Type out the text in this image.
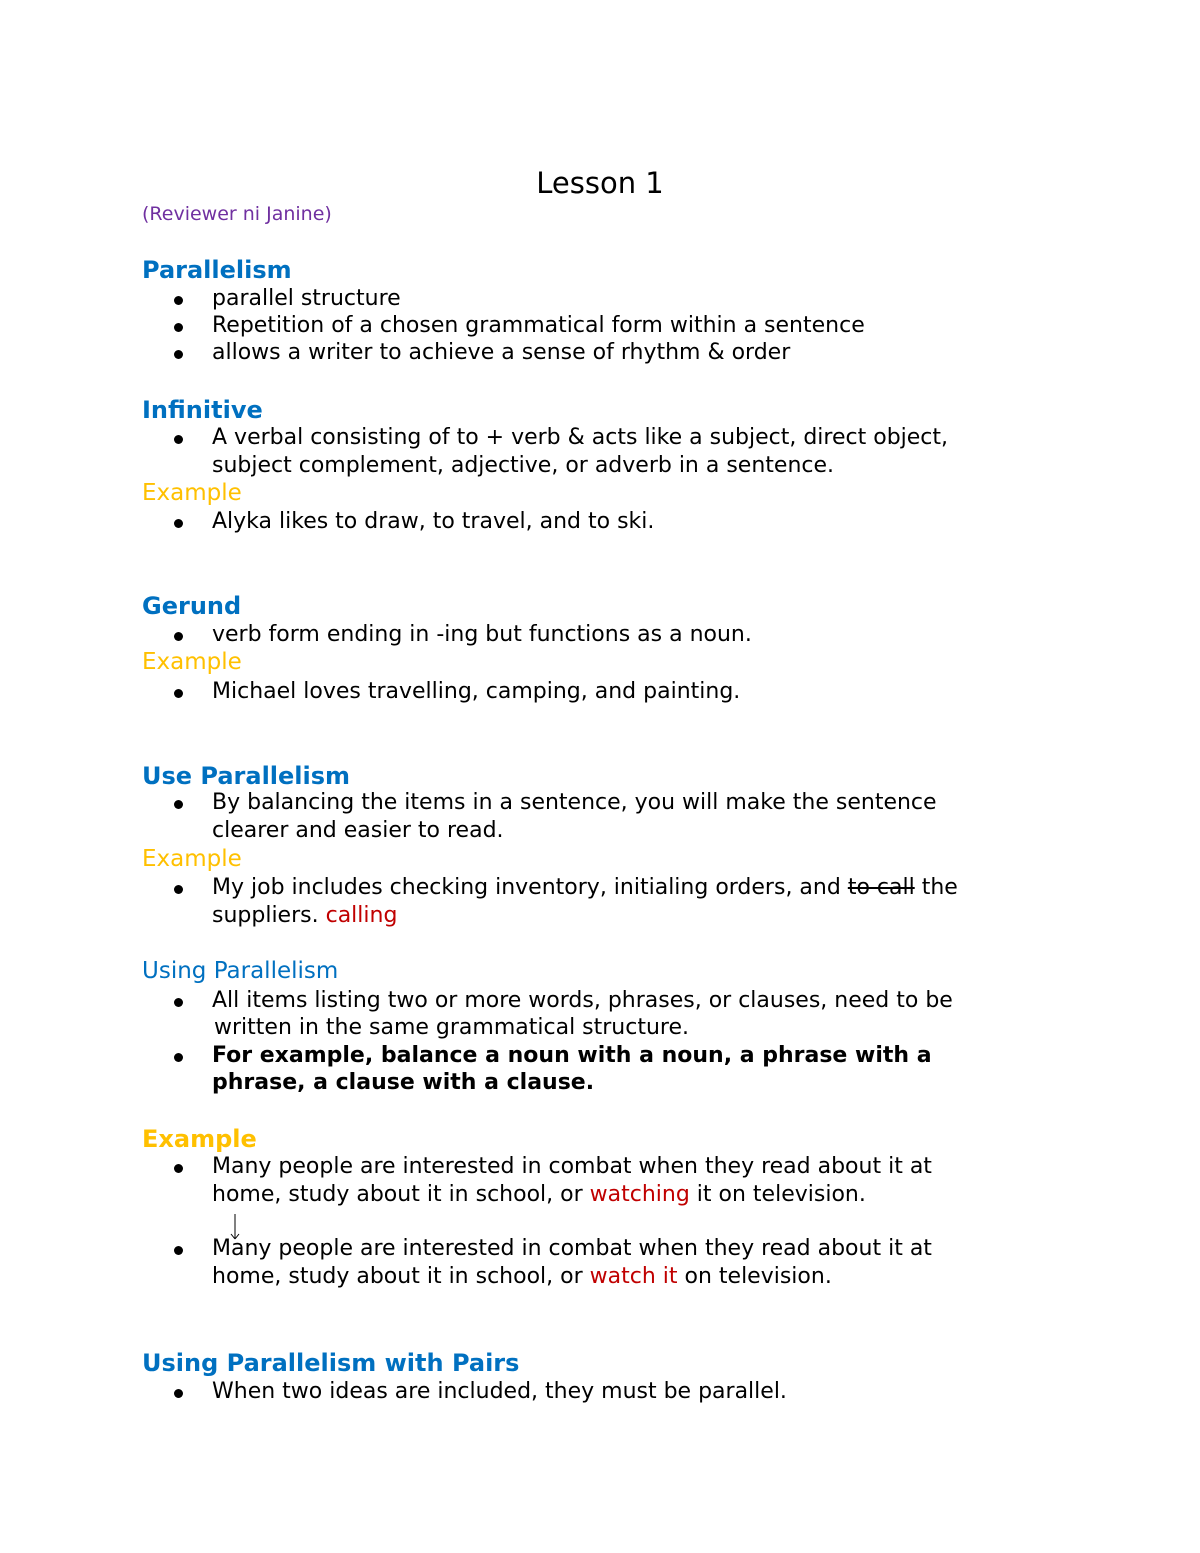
Lesson 1
(Reviewer ni Janine)
Parallelism
parallel structure
Repetition of a chosen grammatical form within a sentence
allows a writer to achieve a sense of rhythm & order
Infinitive
A verbal consisting of to + verb & acts like a subject, direct object,
subject complement, adjective, or adverb in a sentence.
Example
Alyka likes to draw, to travel, and to ski.
Gerund
verb form ending in -ing but functions as a noun.
Example
Michael loves travelling, camping, and painting.
Use Parallelism
By balancing the items in a sentence, you will make the sentence
clearer and easier to read.
Example
My job includes checking inventory, initialing orders, and to call the
suppliers. calling
Using Parallelism
All items listing two or more words, phrases, or clauses, need to be
written in the same grammatical structure.
For example, balance a noun with a noun, a phrase with a
phrase, a clause with a clause.
Example
Many people are interested in combat when they read about it at
home, study about it in school, or watching it on television.
Many people are interested in combat when they read about it at
home, study about it in school, or watch it on television.
Using Parallelism with Pairs
When two ideas are included, they must be parallel.
